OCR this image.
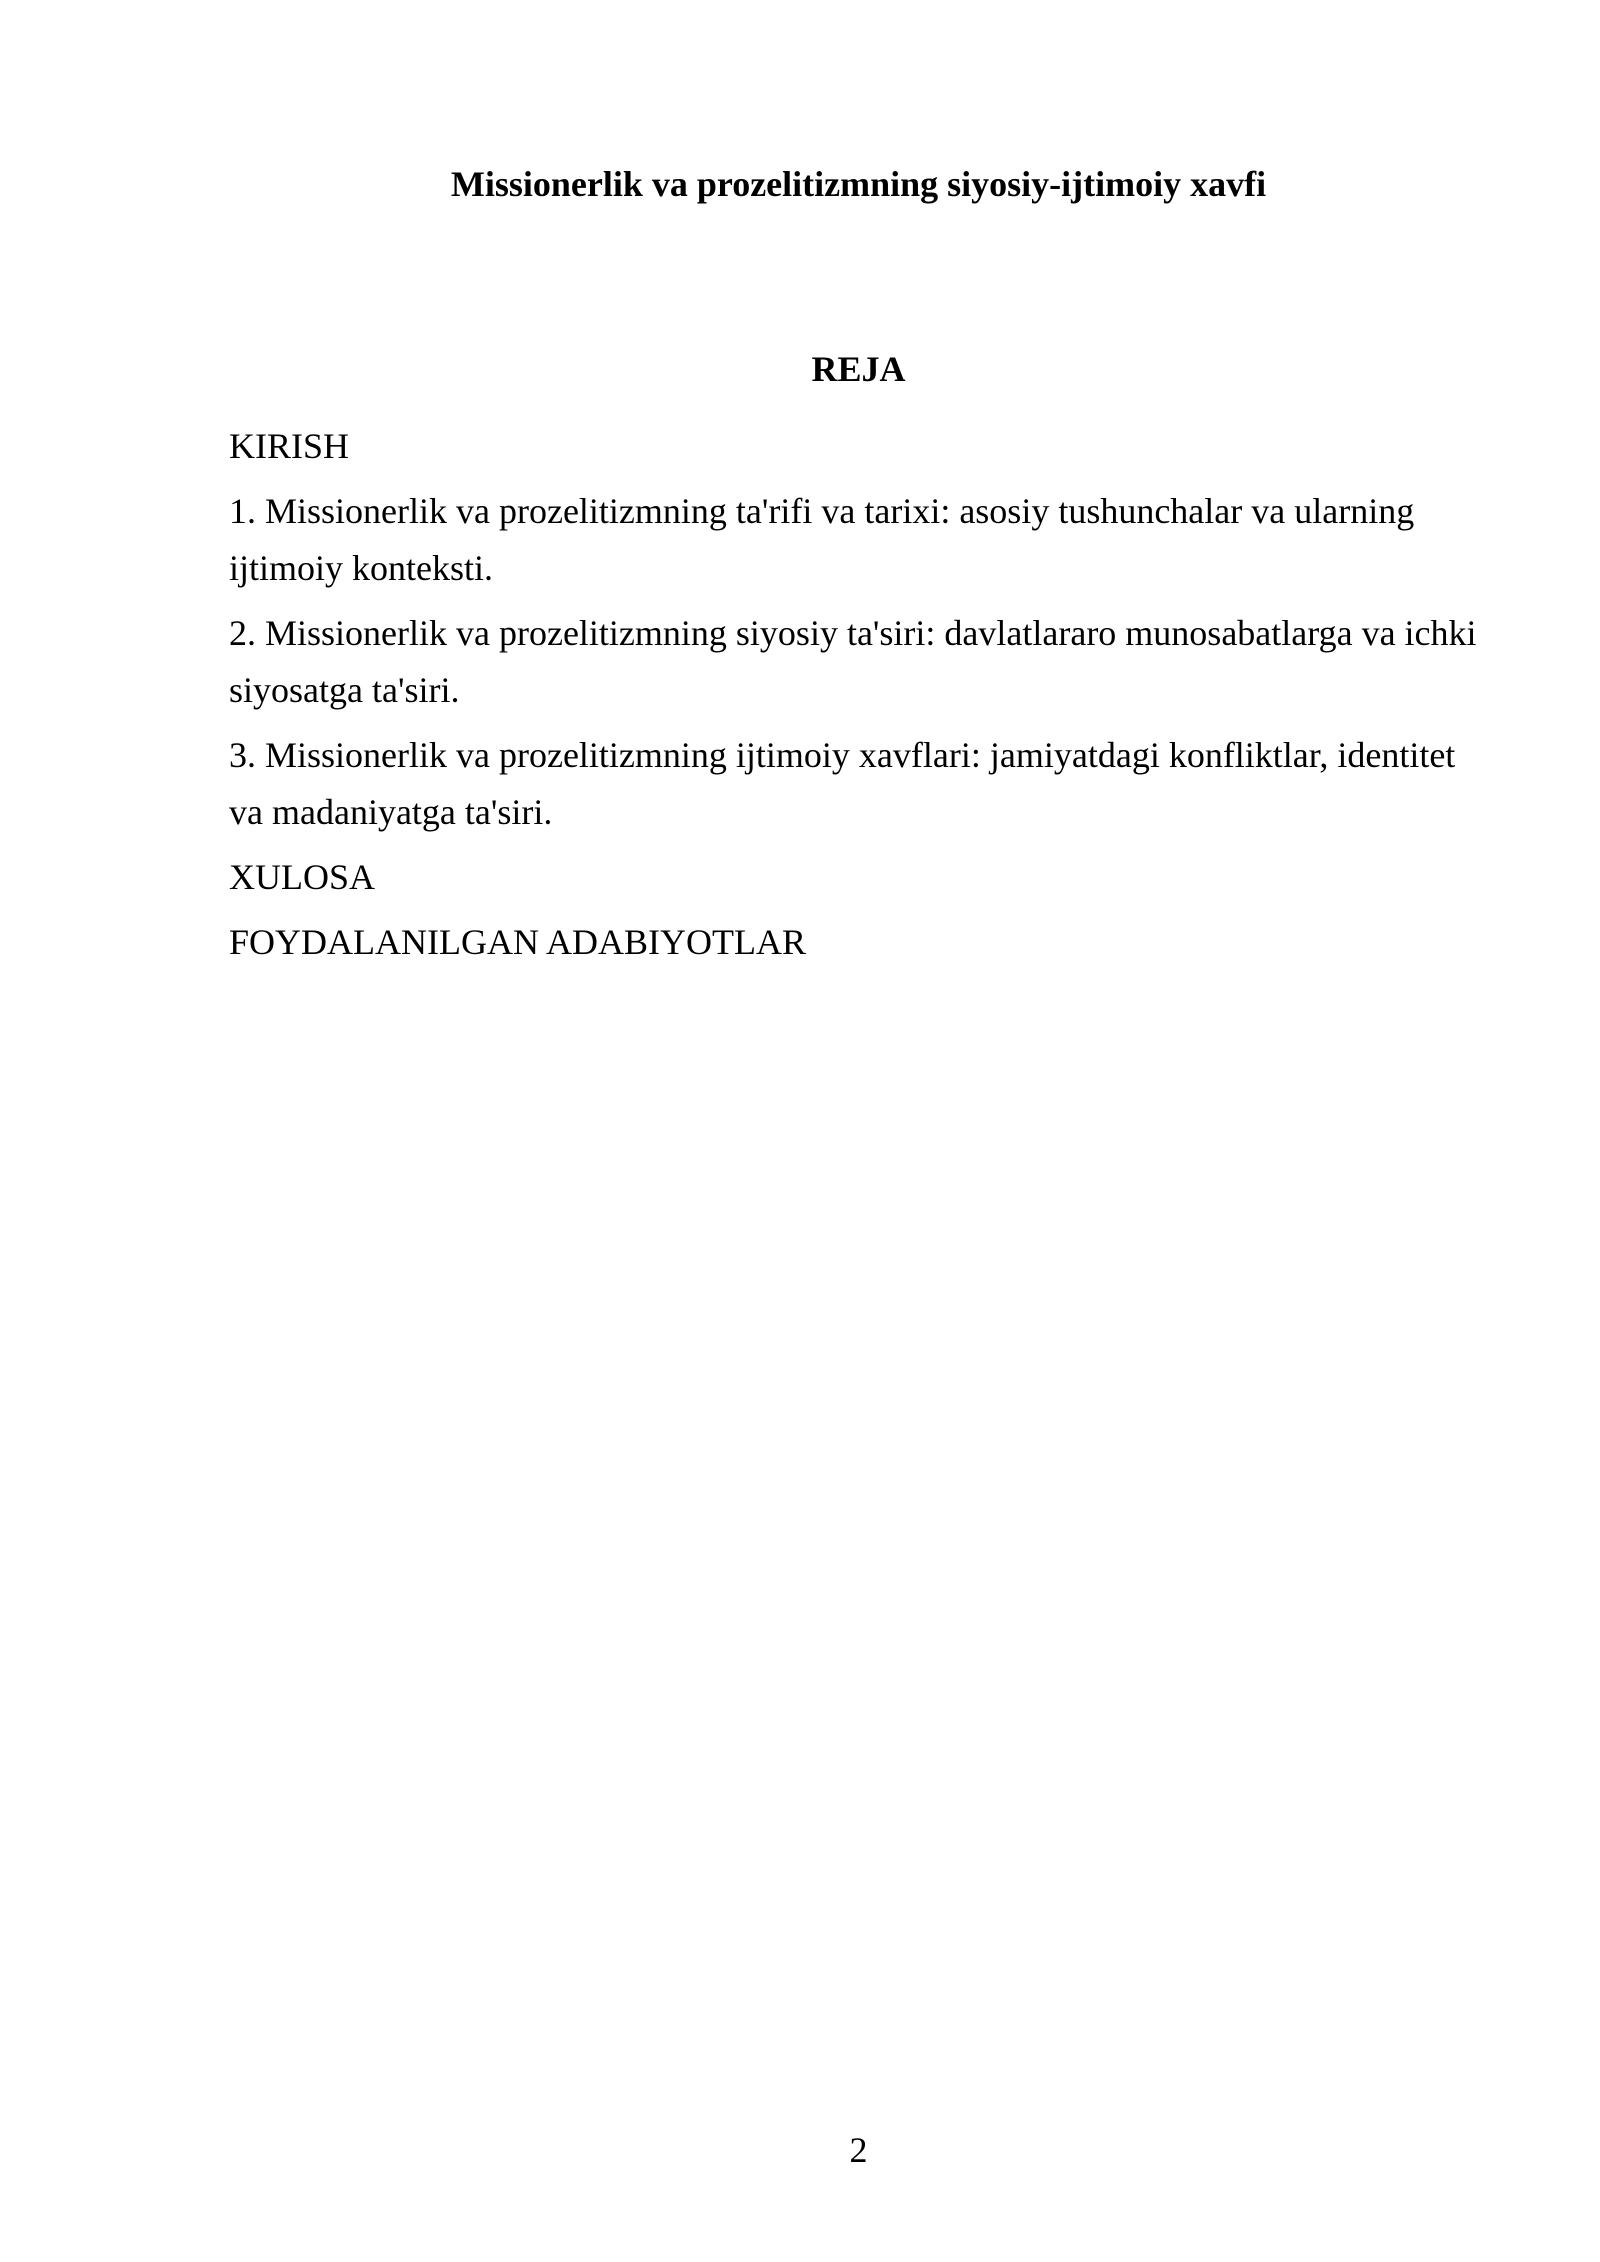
Missionerlik va prozelitizmning siyosiy-ijtimoiy xavfi
REJA
KIRISH
1. Missionerlik va prozelitizmning ta'rifi va tarixi: asosiy tushunchalar va ularning ijtimoiy konteksti.
2. Missionerlik va prozelitizmning siyosiy ta'siri: davlatlararo munosabatlarga va ichki siyosatga ta'siri.
3. Missionerlik va prozelitizmning ijtimoiy xavflari: jamiyatdagi konfliktlar, identitet va madaniyatga ta'siri.
XULOSA
FOYDALANILGAN ADABIYOTLAR
2
